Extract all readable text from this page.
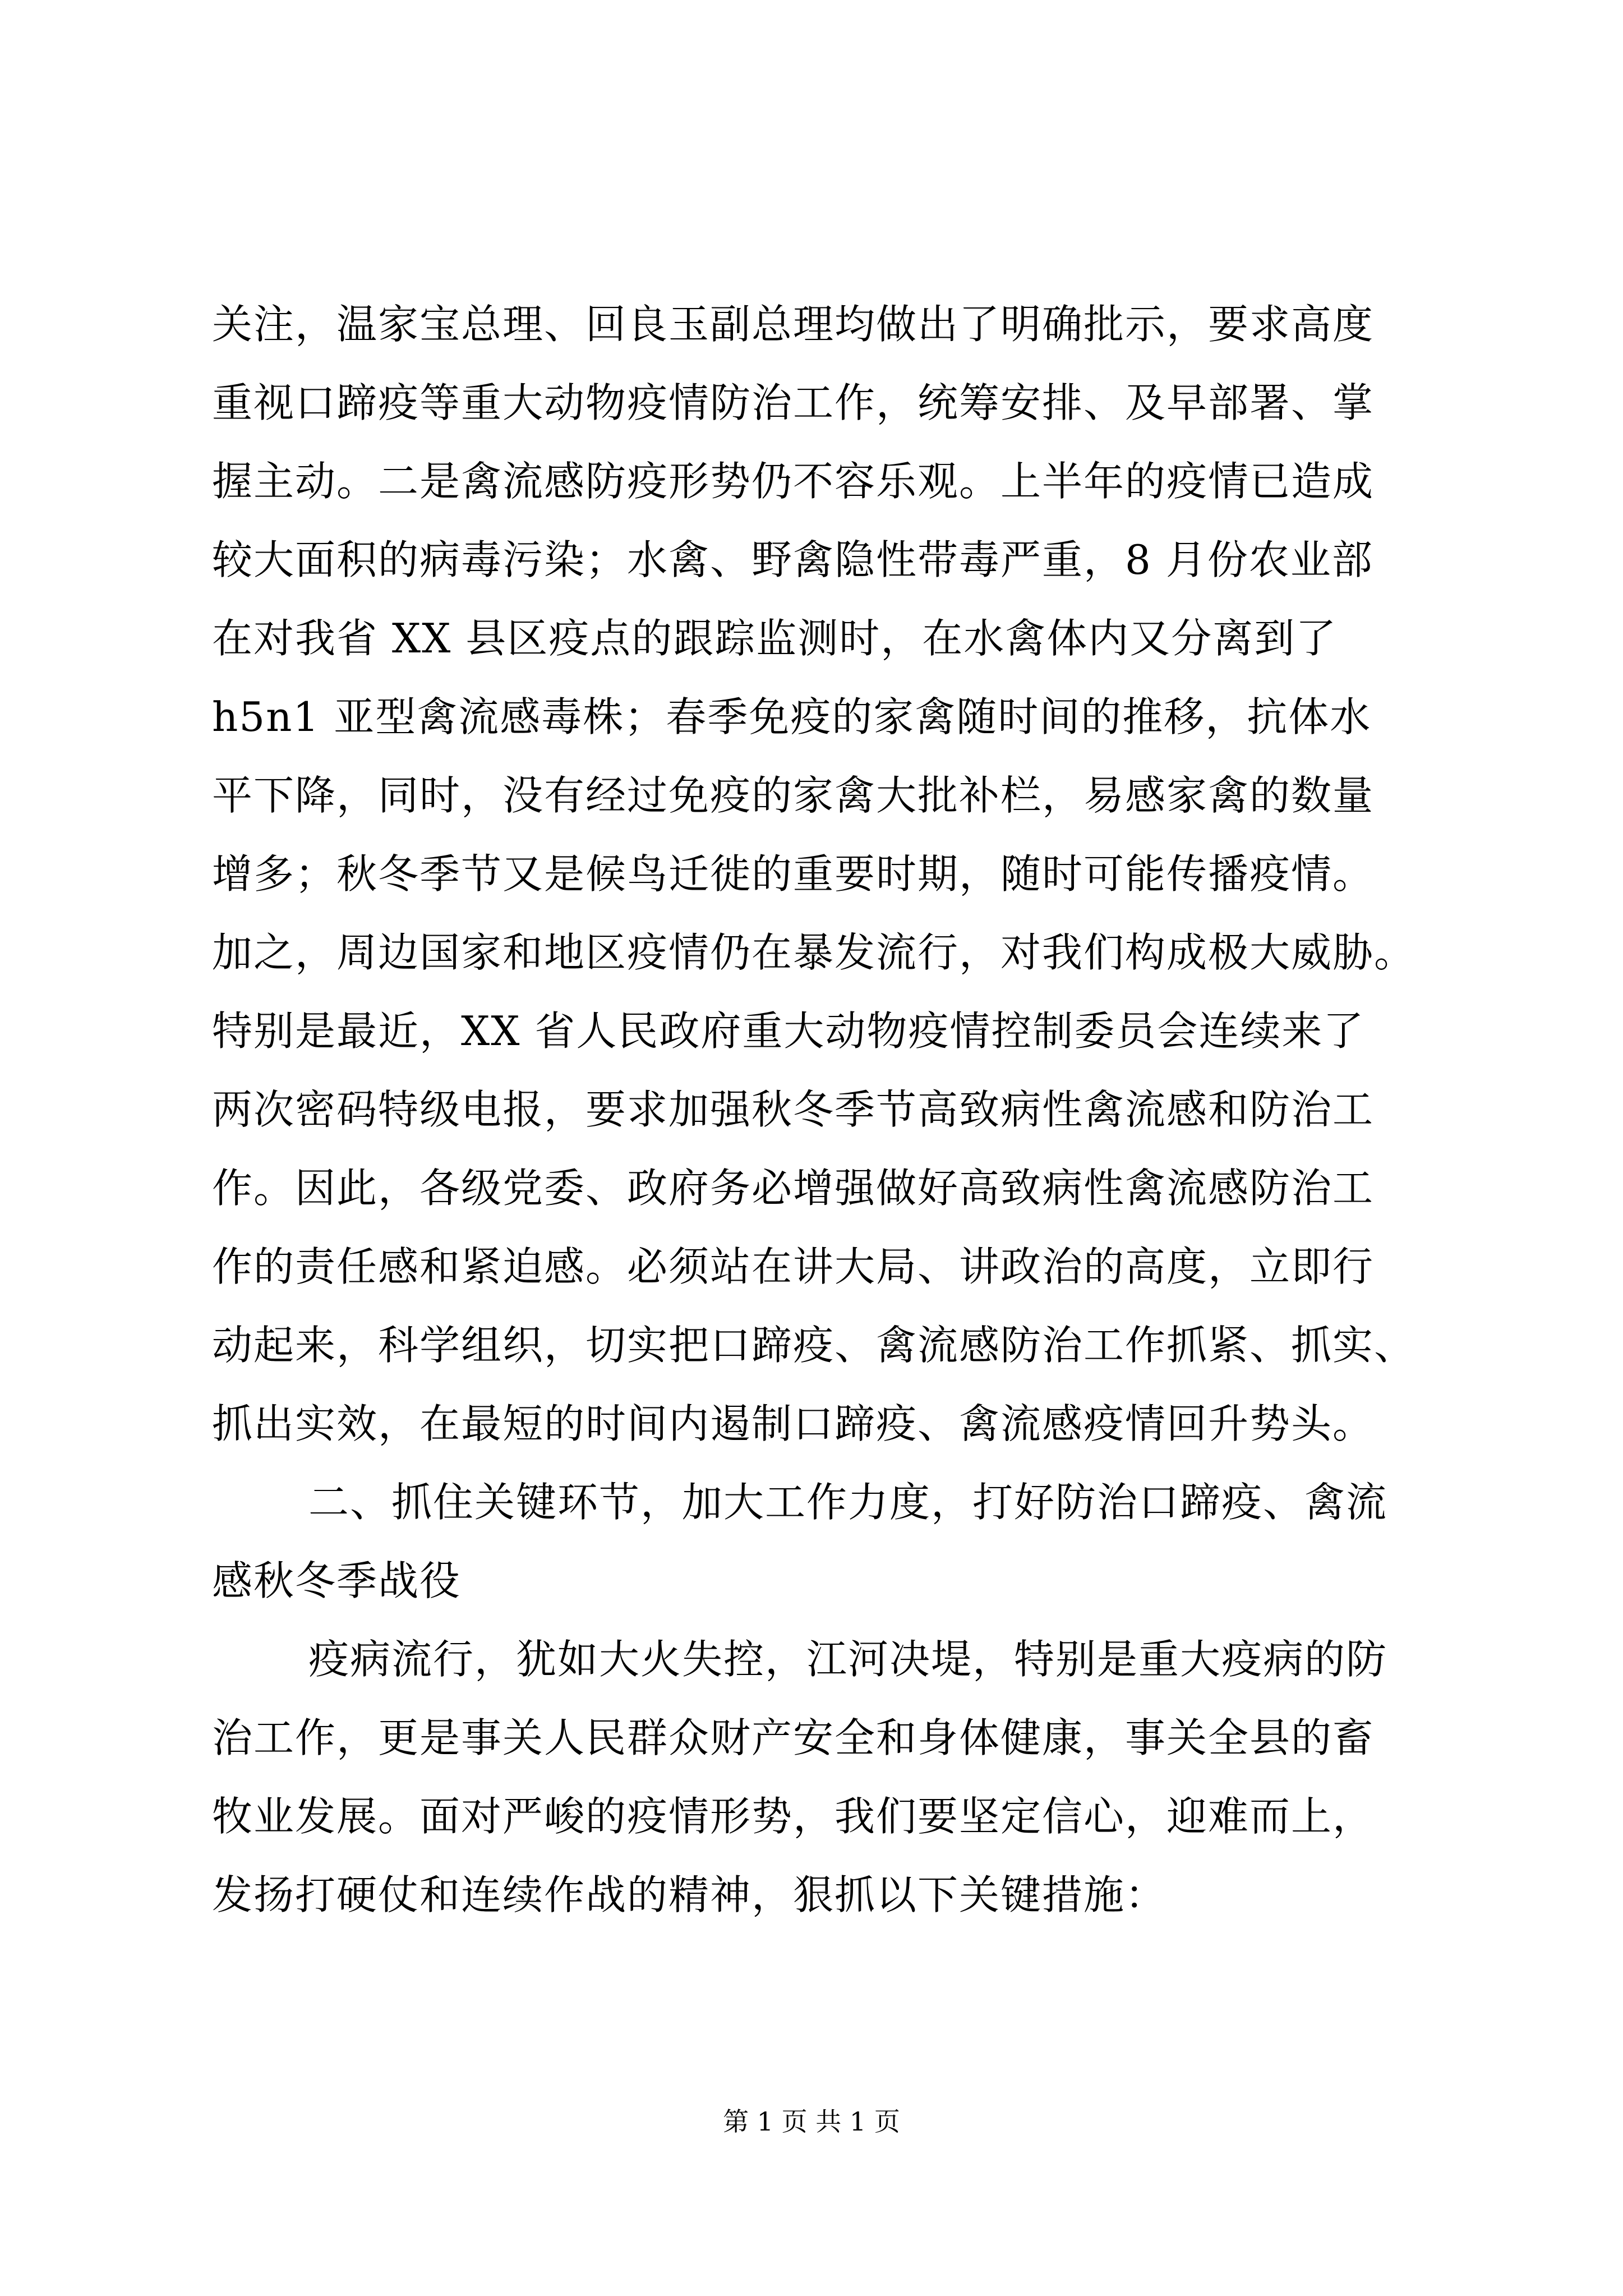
关注，温家宝总理、回良玉副总理均做出了明确批示，要求高度
重视口蹄疫等重大动物疫情防治工作，统筹安排、及早部署、掌
握主动。二是禽流感防疫形势仍不容乐观。上半年的疫情已造成
较大面积的病毒污染；水禽、野禽隐性带毒严重，8 月份农业部
在对我省 XX 县区疫点的跟踪监测时，在水禽体内又分离到了
h5n1 亚型禽流感毒株；春季免疫的家禽随时间的推移，抗体水
平下降，同时，没有经过免疫的家禽大批补栏，易感家禽的数量
增多；秋冬季节又是候鸟迁徙的重要时期，随时可能传播疫情。
加之，周边国家和地区疫情仍在暴发流行，对我们构成极大威胁。
特别是最近，XX 省人民政府重大动物疫情控制委员会连续来了
两次密码特级电报，要求加强秋冬季节高致病性禽流感和防治工
作。因此，各级党委、政府务必增强做好高致病性禽流感防治工
作的责任感和紧迫感。必须站在讲大局、讲政治的高度，立即行
动起来，科学组织，切实把口蹄疫、禽流感防治工作抓紧、抓实、
抓出实效，在最短的时间内遏制口蹄疫、禽流感疫情回升势头。
二、抓住关键环节，加大工作力度，打好防治口蹄疫、禽流
感秋冬季战役
疫病流行，犹如大火失控，江河决堤，特别是重大疫病的防
治工作，更是事关人民群众财产安全和身体健康，事关全县的畜
牧业发展。面对严峻的疫情形势，我们要坚定信心，迎难而上，
发扬打硬仗和连续作战的精神，狠抓以下关键措施：
第 1 页 共 1 页
